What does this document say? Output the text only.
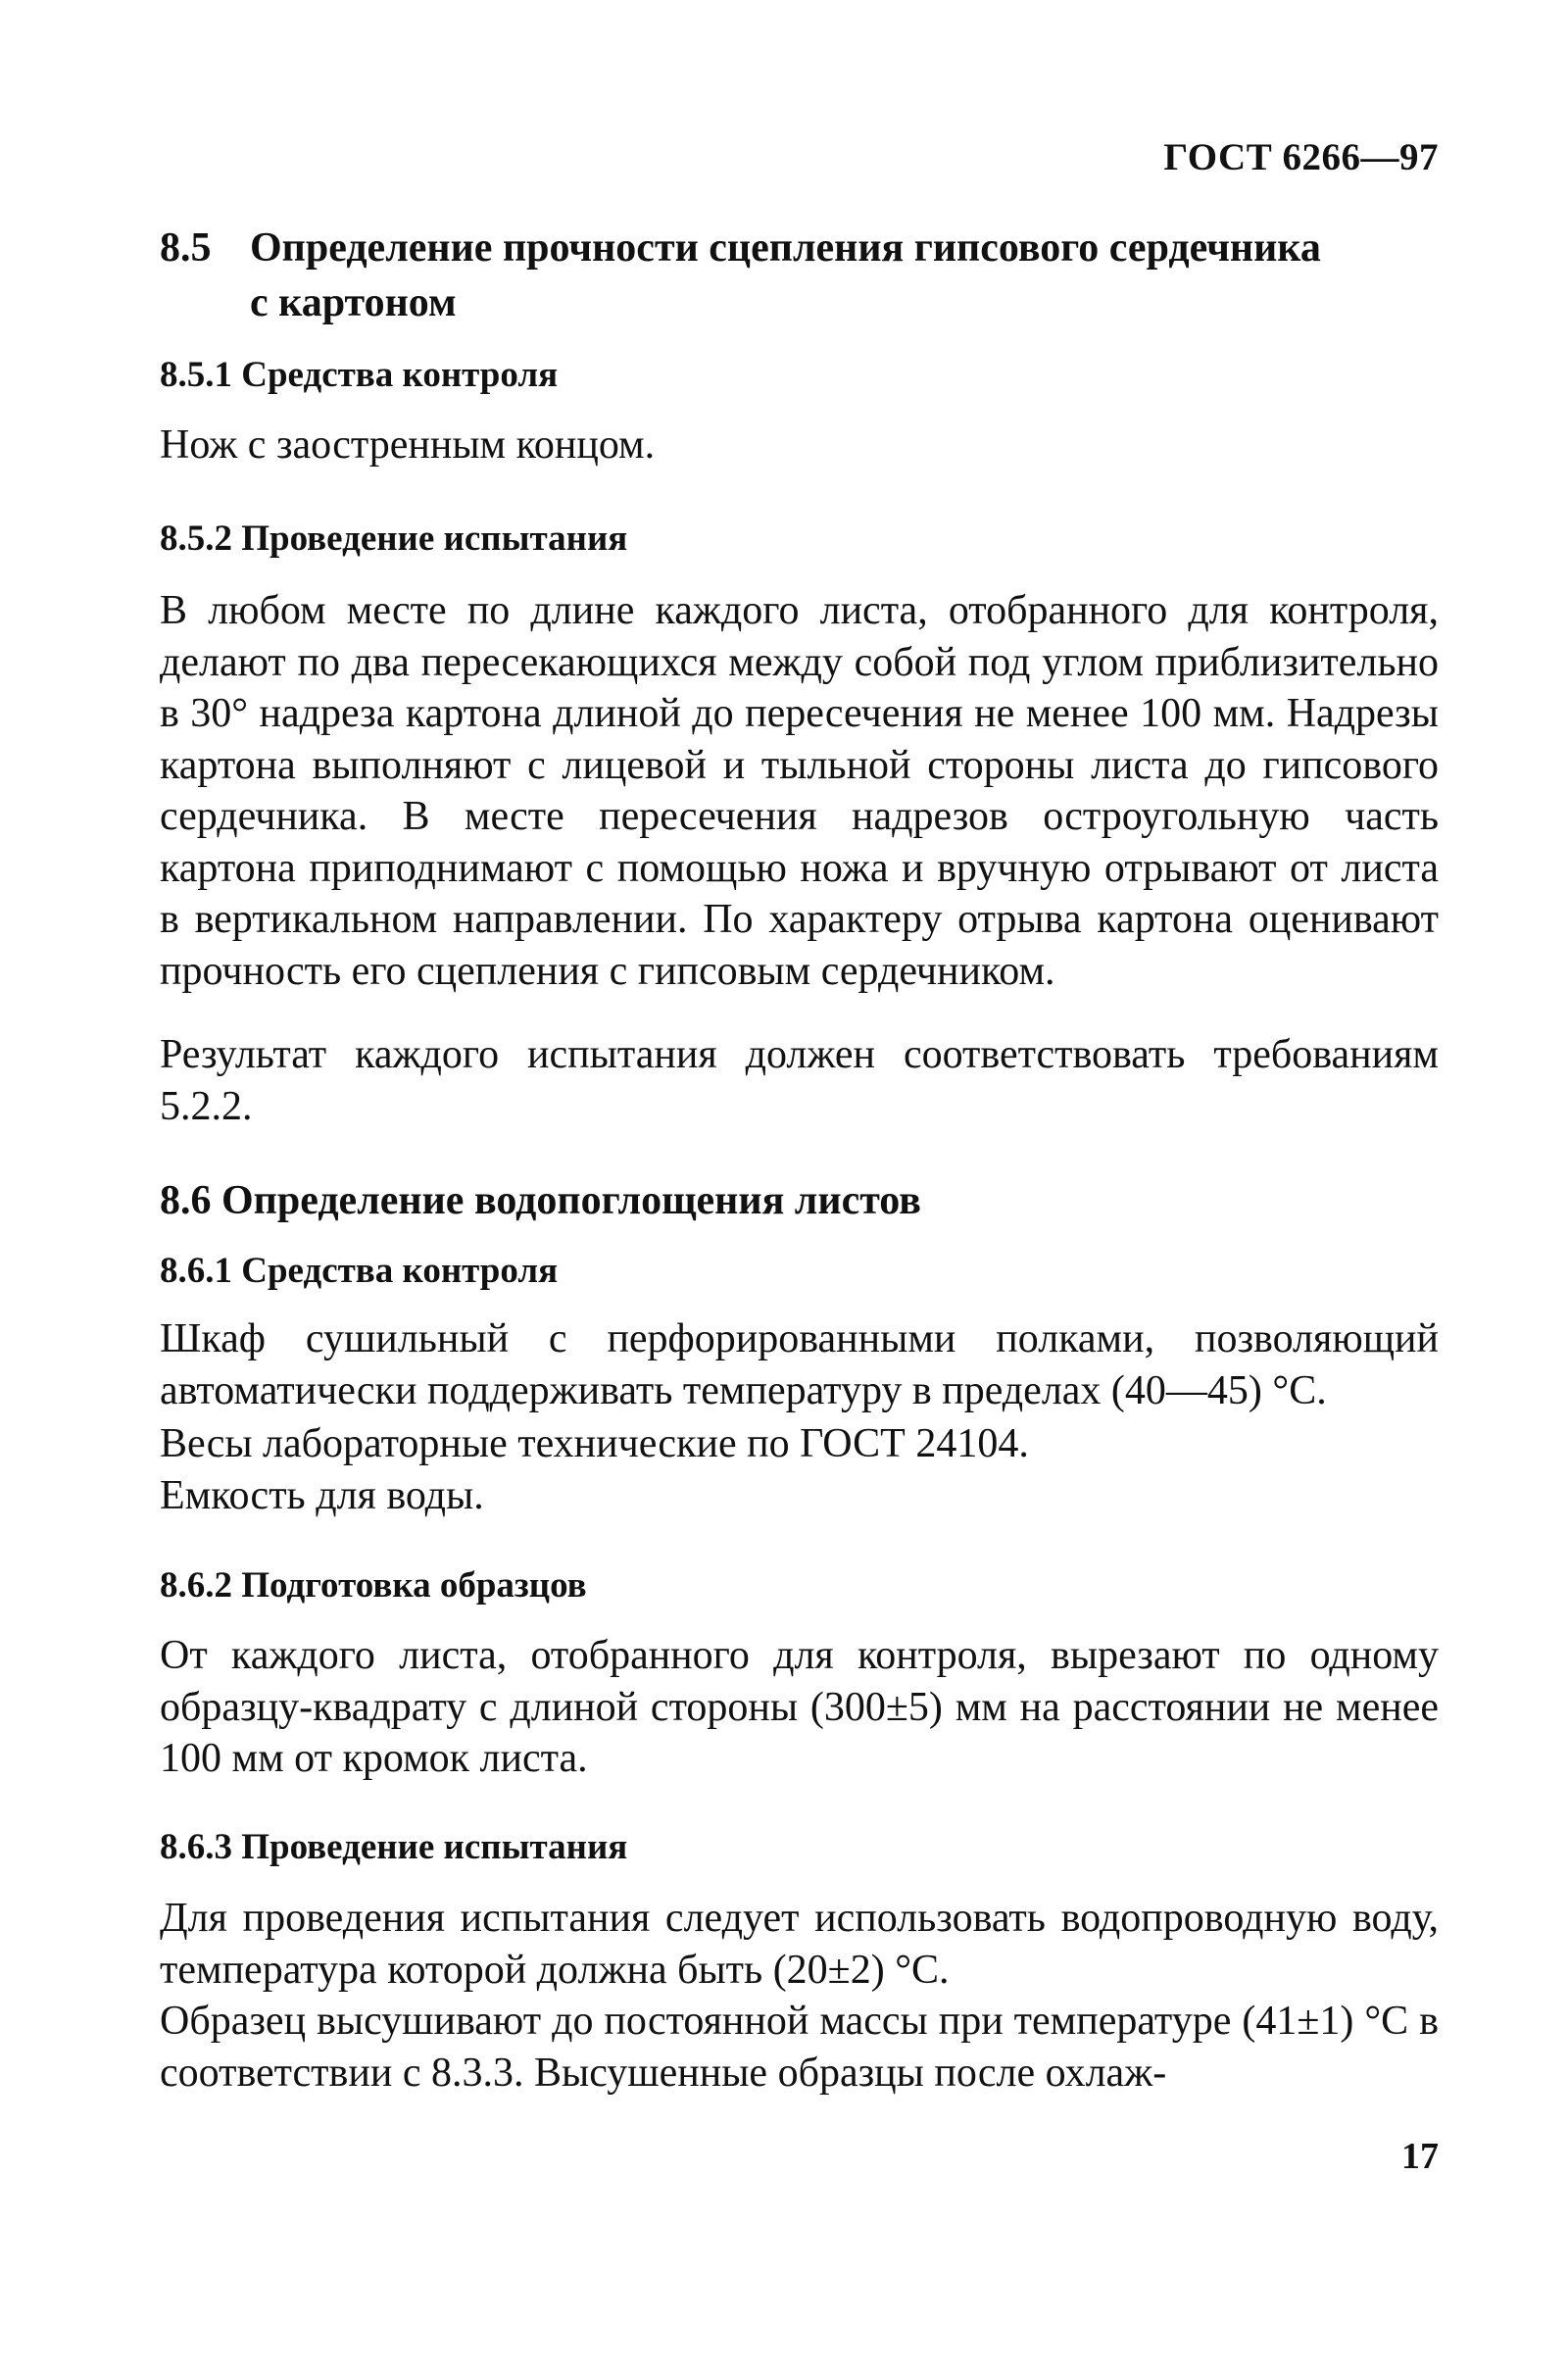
ГОСТ 6266—97
8.5 Определение прочности сцепления гипсового сердечника
с картоном
8.5.1 Средства контроля
Нож с заостренным концом.
8.5.2 Проведение испытания
В любом месте по длине каждого листа, отобранного для контроля, делают по два пересекающихся между собой под углом приблизительно в 30° надреза картона длиной до пересечения не менее 100 мм. Надрезы картона выполняют с лицевой и тыльной стороны листа до гипсового сердечника. В месте пересечения надрезов остроугольную часть картона приподнимают с помощью ножа и вручную отрывают от листа в вертикальном направлении. По характеру отрыва картона оценивают прочность его сцепления с гипсовым сердечником.
Результат каждого испытания должен соответствовать требованиям 5.2.2.
8.6 Определение водопоглощения листов
8.6.1 Средства контроля
Шкаф сушильный с перфорированными полками, позволяющий автоматически поддерживать температуру в пределах (40—45) °С.
Весы лабораторные технические по ГОСТ 24104.
Емкость для воды.
8.6.2 Подготовка образцов
От каждого листа, отобранного для контроля, вырезают по одному образцу-квадрату с длиной стороны (300±5) мм на расстоянии не менее 100 мм от кромок листа.
8.6.3 Проведение испытания
Для проведения испытания следует использовать водопроводную воду, температура которой должна быть (20±2) °С.
Образец высушивают до постоянной массы при температуре (41±1) °С в соответствии с 8.3.3. Высушенные образцы после охлаж-
17
